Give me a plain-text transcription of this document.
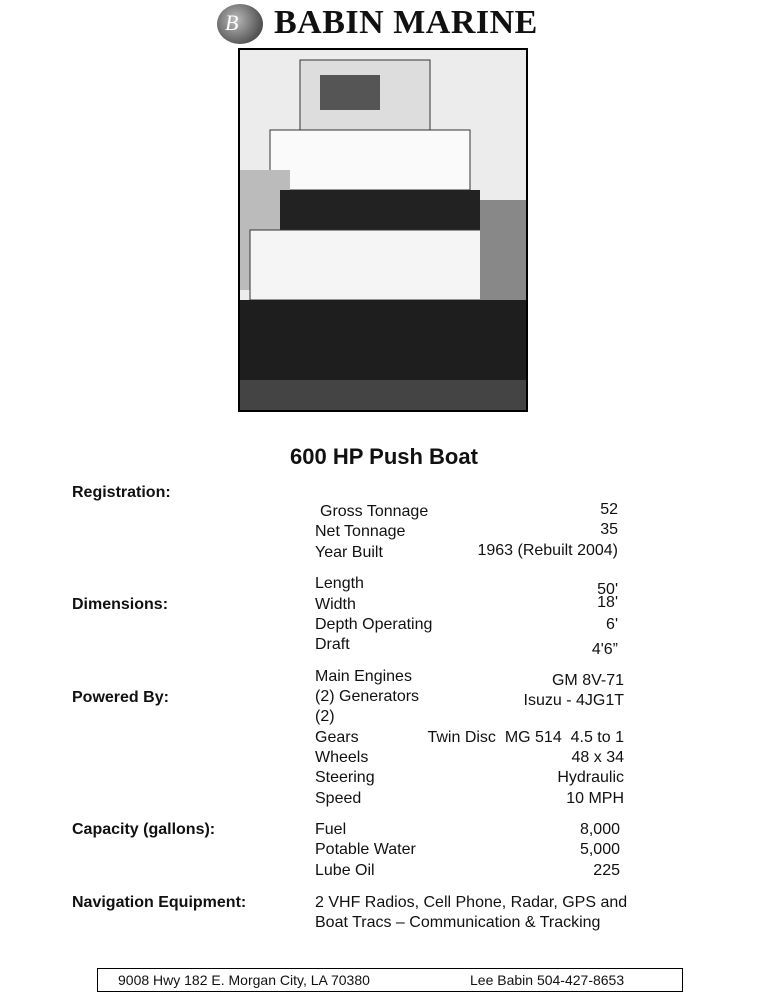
B BABIN MARINE
600 HP Push Boat
Registration:
Gross Tonnage	52
Net Tonnage	35
Year Built	1963 (Rebuilt 2004)
Dimensions:
Length	50'
Width	18'
Depth Operating	6'
Draft	4'6”
Powered By:
Main Engines	GM 8V-71
(2) Generators	Isuzu - 4JG1T
(2)
Gears	Twin Disc  MG 514  4.5 to 1
Wheels	48 x 34
Steering	Hydraulic
Speed	10 MPH
Capacity (gallons):	Fuel	8,000
Potable Water	5,000
Lube Oil	225
Navigation Equipment:	2 VHF Radios, Cell Phone, Radar, GPS and
Boat Tracs – Communication & Tracking
9008 Hwy 182 E. Morgan City, LA 70380	Lee Babin 504-427-8653
